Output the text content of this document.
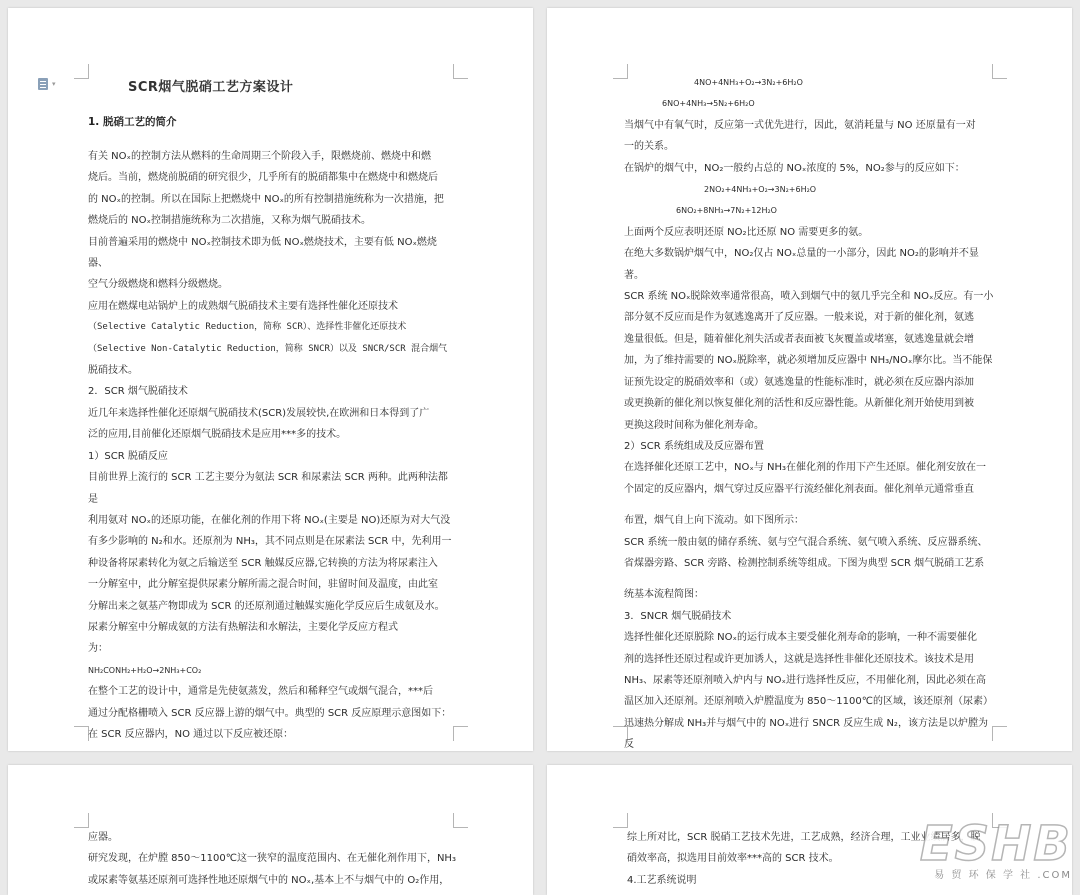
▾	SCR烟气脱硝工艺方案设计
1. 脱硝工艺的简介
有关 NOₓ的控制方法从燃料的生命周期三个阶段入手，限燃烧前、燃烧中和燃
烧后。当前，燃烧前脱硝的研究很少，几乎所有的脱硝都集中在燃烧中和燃烧后
的 NOₓ的控制。所以在国际上把燃烧中 NOₓ的所有控制措施统称为一次措施，把
燃烧后的 NOₓ控制措施统称为二次措施，又称为烟气脱硝技术。
目前普遍采用的燃烧中 NOₓ控制技术即为低 NOₓ燃烧技术，主要有低 NOₓ燃烧器、
空气分级燃烧和燃料分级燃烧。
应用在燃煤电站锅炉上的成熟烟气脱硝技术主要有选择性催化还原技术
（Selective Catalytic Reduction，简称 SCR）、选择性非催化还原技术
（Selective Non-Catalytic Reduction，简称 SNCR）以及 SNCR/SCR 混合烟气
脱硝技术。
2．SCR 烟气脱硝技术
近几年来选择性催化还原烟气脱硝技术(SCR)发展较快,在欧洲和日本得到了广
泛的应用,目前催化还原烟气脱硝技术是应用***多的技术。
1）SCR 脱硝反应
目前世界上流行的 SCR 工艺主要分为氨法 SCR 和尿素法 SCR 两种。此两种法都是
利用氨对 NOₓ的还原功能，在催化剂的作用下将 NOₓ(主要是 NO)还原为对大气没
有多少影响的 N₂和水。还原剂为 NH₃，其不同点则是在尿素法 SCR 中，先利用一
种设备将尿素转化为氨之后输送至 SCR 触媒反应器,它转换的方法为将尿素注入
一分解室中，此分解室提供尿素分解所需之混合时间，驻留时间及温度，由此室
分解出来之氨基产物即成为 SCR 的还原剂通过触媒实施化学反应后生成氨及水。
尿素分解室中分解成氨的方法有热解法和水解法，主要化学反应方程式
为：
NH₂CONH₂+H₂O→2NH₃+CO₂
在整个工艺的设计中，通常是先使氨蒸发，然后和稀释空气或烟气混合，***后
通过分配格栅喷入 SCR 反应器上游的烟气中。典型的 SCR 反应原理示意图如下：
在 SCR 反应器内，NO 通过以下反应被还原：
4NO+4NH₃+O₂→3N₂+6H₂O
6NO+4NH₃→5N₂+6H₂O
当烟气中有氧气时，反应第一式优先进行，因此，氨消耗量与 NO 还原量有一对
一的关系。
在锅炉的烟气中，NO₂一般约占总的 NOₓ浓度的 5%，NO₂参与的反应如下：
2NO₂+4NH₃+O₂→3N₂+6H₂O
6NO₂+8NH₃→7N₂+12H₂O
上面两个反应表明还原 NO₂比还原 NO 需要更多的氨。
在绝大多数锅炉烟气中，NO₂仅占 NOₓ总量的一小部分，因此 NO₂的影响并不显著。
SCR 系统 NOₓ脱除效率通常很高，喷入到烟气中的氨几乎完全和 NOₓ反应。有一小
部分氨不反应而是作为氨逃逸离开了反应器。一般来说，对于新的催化剂，氨逃
逸量很低。但是，随着催化剂失活或者表面被飞灰覆盖或堵塞，氨逃逸量就会增
加，为了维持需要的 NOₓ脱除率，就必须增加反应器中 NH₃/NOₓ摩尔比。当不能保
证预先设定的脱硝效率和（或）氨逃逸量的性能标准时，就必须在反应器内添加
或更换新的催化剂以恢复催化剂的活性和反应器性能。从新催化剂开始使用到被
更换这段时间称为催化剂寿命。
2）SCR 系统组成及反应器布置
在选择催化还原工艺中，NOₓ与 NH₃在催化剂的作用下产生还原。催化剂安放在一
个固定的反应器内，烟气穿过反应器平行流经催化剂表面。催化剂单元通常垂直
布置，烟气自上向下流动。如下图所示：
SCR 系统一般由氨的储存系统、氨与空气混合系统、氨气喷入系统、反应器系统、
省煤器旁路、SCR 旁路、检测控制系统等组成。下图为典型 SCR 烟气脱硝工艺系
统基本流程简图：
3．SNCR 烟气脱硝技术
选择性催化还原脱除 NOₓ的运行成本主要受催化剂寿命的影响，一种不需要催化
剂的选择性还原过程或许更加诱人，这就是选择性非催化还原技术。该技术是用
NH₃、尿素等还原剂喷入炉内与 NOₓ进行选择性反应，不用催化剂，因此必须在高
温区加入还原剂。还原剂喷入炉膛温度为 850～1100℃的区域，该还原剂（尿素）
迅速热分解成 NH₃并与烟气中的 NOₓ进行 SNCR 反应生成 N₂，该方法是以炉膛为反
应器。
研究发现，在炉膛 850～1100℃这一狭窄的温度范围内、在无催化剂作用下，NH₃
或尿素等氨基还原剂可选择性地还原烟气中的 NOₓ,基本上不与烟气中的 O₂作用，
综上所对比，SCR 脱硝工艺技术先进，工艺成熟，经济合理，工业业绩居多，脱
硝效率高，拟选用目前效率***高的 SCR 技术。
4.工艺系统说明
ESHB
易 贸 环 保 学 社 .COM
